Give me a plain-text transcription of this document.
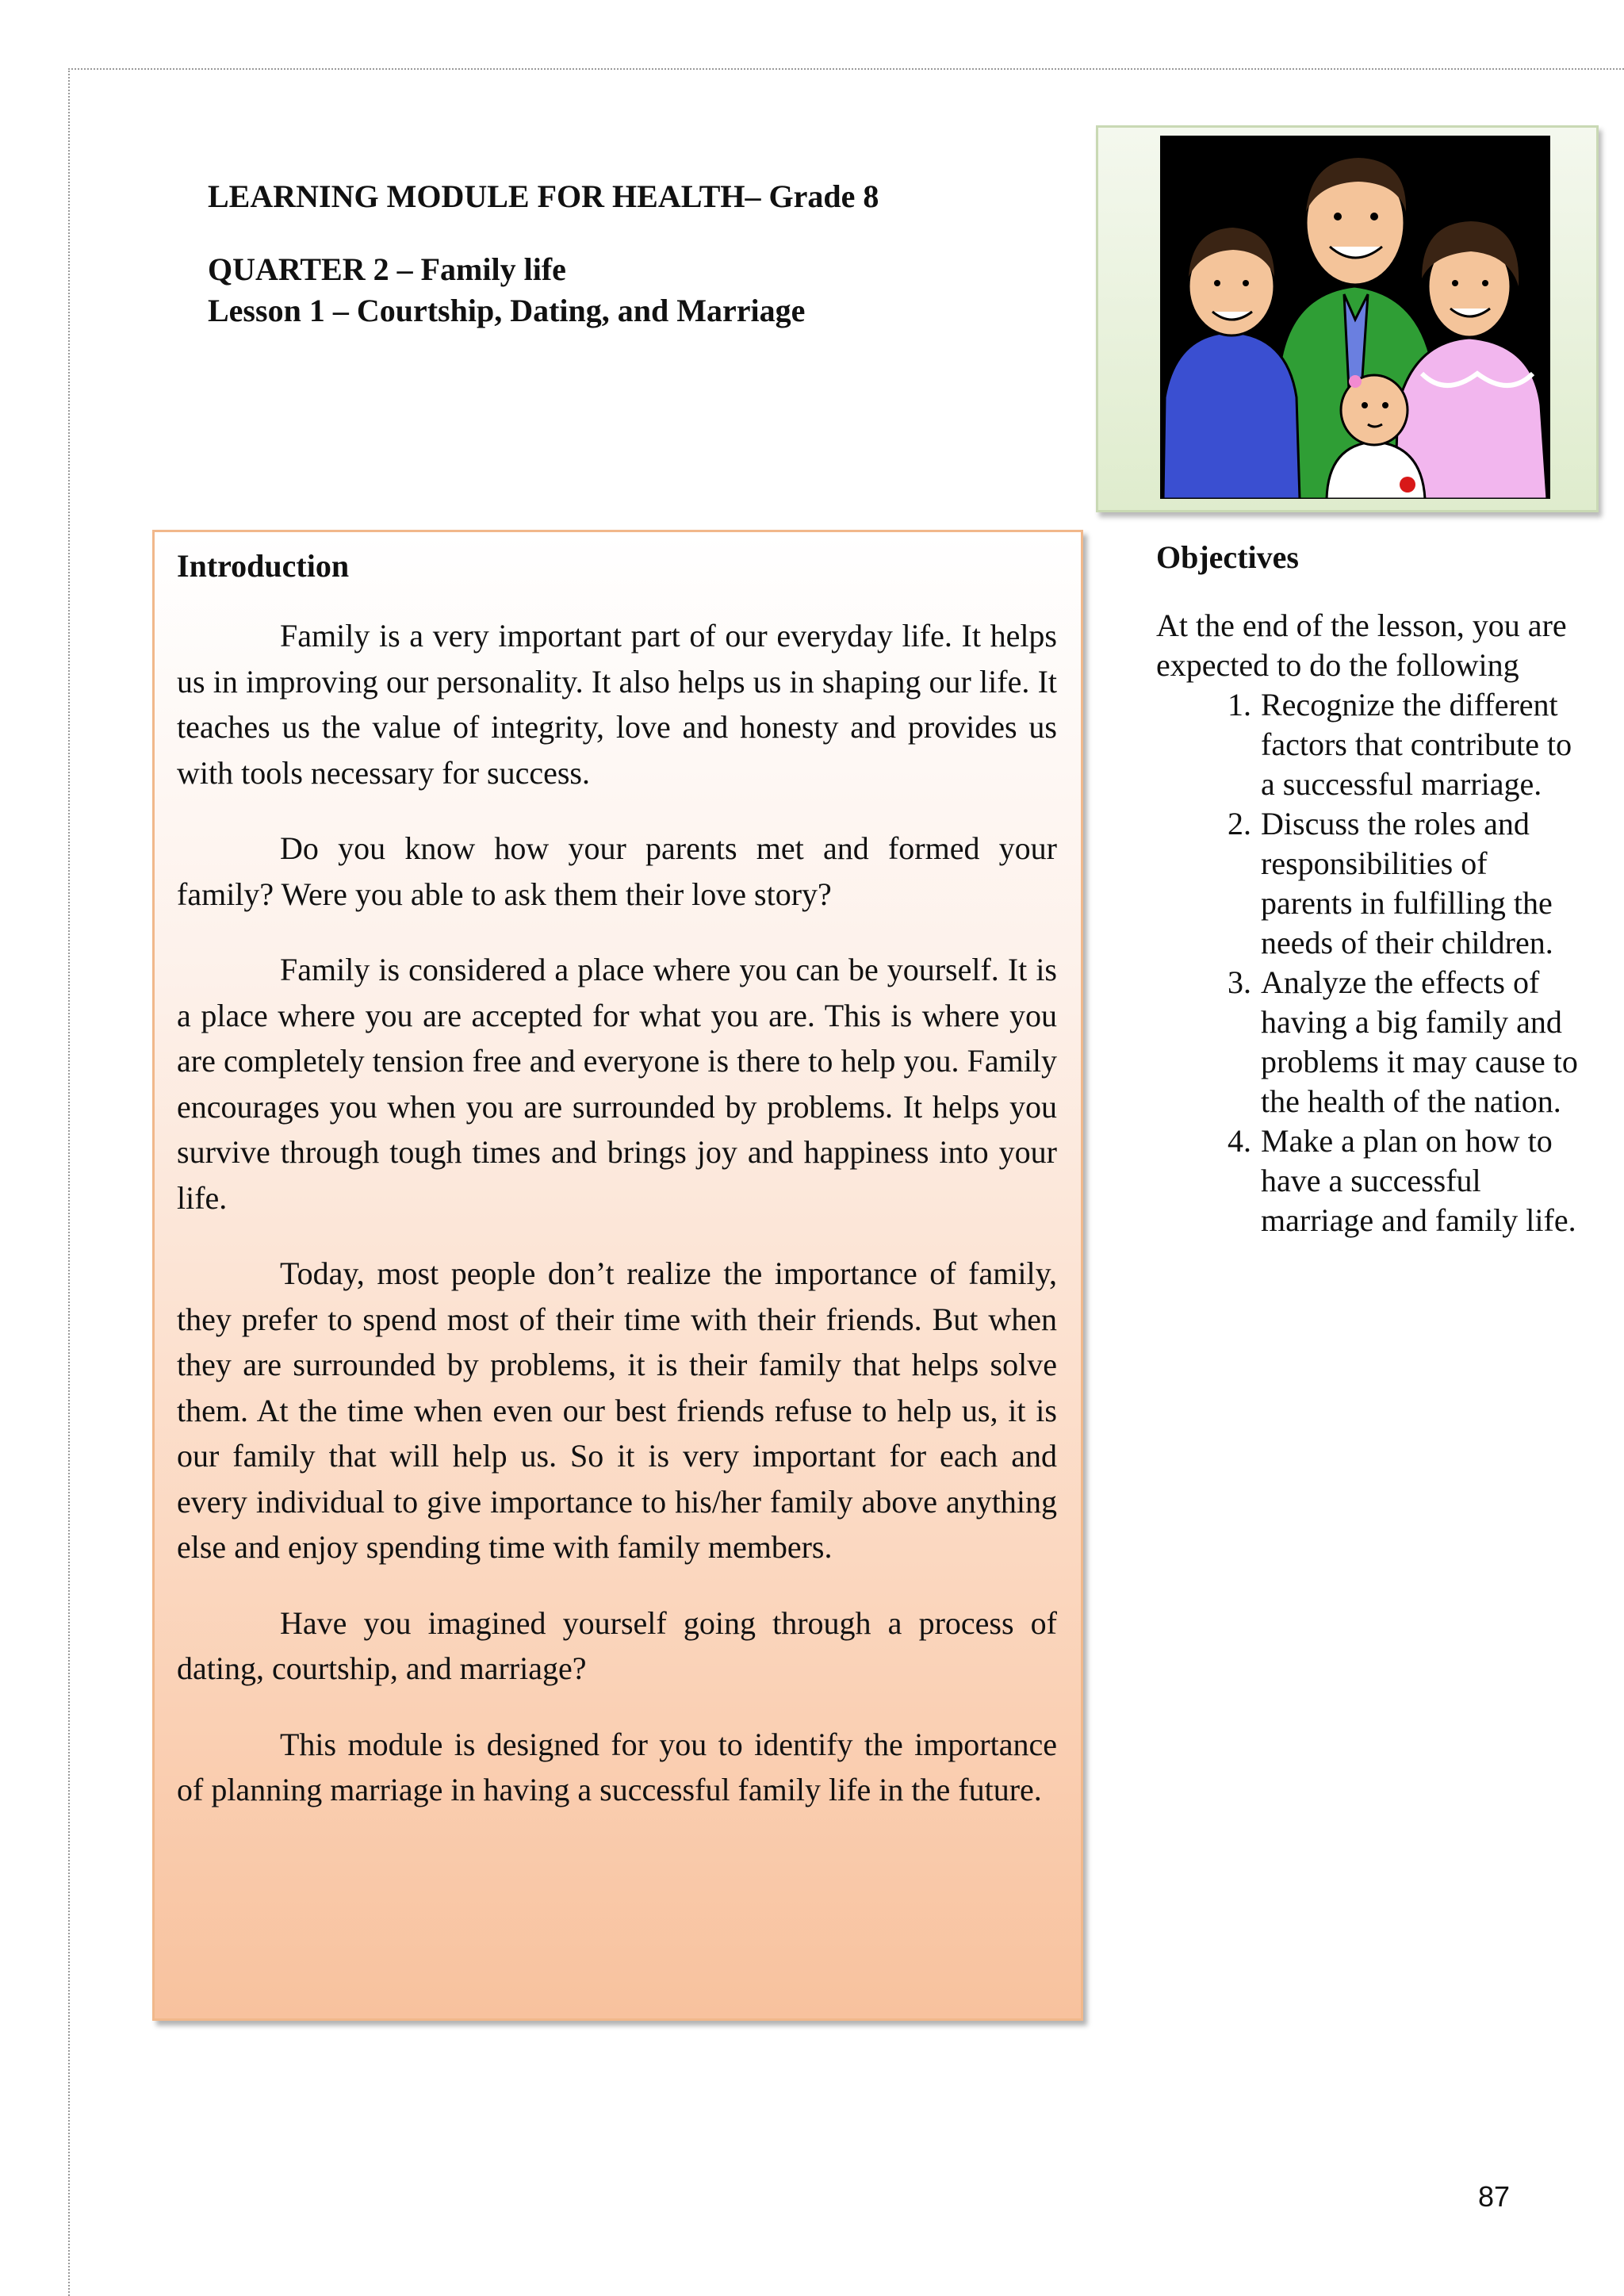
LEARNING MODULE FOR HEALTH– Grade 8
QUARTER 2 – Family life
Lesson 1 – Courtship, Dating, and Marriage
Introduction

Family is a very important part of our everyday life. It helps us in improving our personality. It also helps us in shaping our life. It teaches us the value of integrity, love and honesty and provides us with tools necessary for success.

Do you know how your parents met and formed your family? Were you able to ask them their love story?

Family is considered a place where you can be yourself. It is a place where you are accepted for what you are. This is where you are completely tension free and everyone is there to help you. Family encourages you when you are surrounded by problems. It helps you survive through tough times and brings joy and happiness into your life.

Today, most people don’t realize the importance of family, they prefer to spend most of their time with their friends. But when they are surrounded by problems, it is their family that helps solve them. At the time when even our best friends refuse to help us, it is our family that will help us. So it is very important for each and every individual to give importance to his/her family above anything else and enjoy spending time with family members.

Have you imagined yourself going through a process of dating, courtship, and marriage?

This module is designed for you to identify the importance of planning marriage in having a successful family life in the future.

Objectives

At the end of the lesson, you are expected to do the following

1. Recognize the different
factors that contribute to
a successful marriage.
2. Discuss the roles and
responsibilities of
parents in fulfilling the
needs of their children.
3. Analyze the effects of
having a big family and
problems it may cause to
the health of the nation.
4. Make a plan on how to
have a successful
marriage and family life.
87
